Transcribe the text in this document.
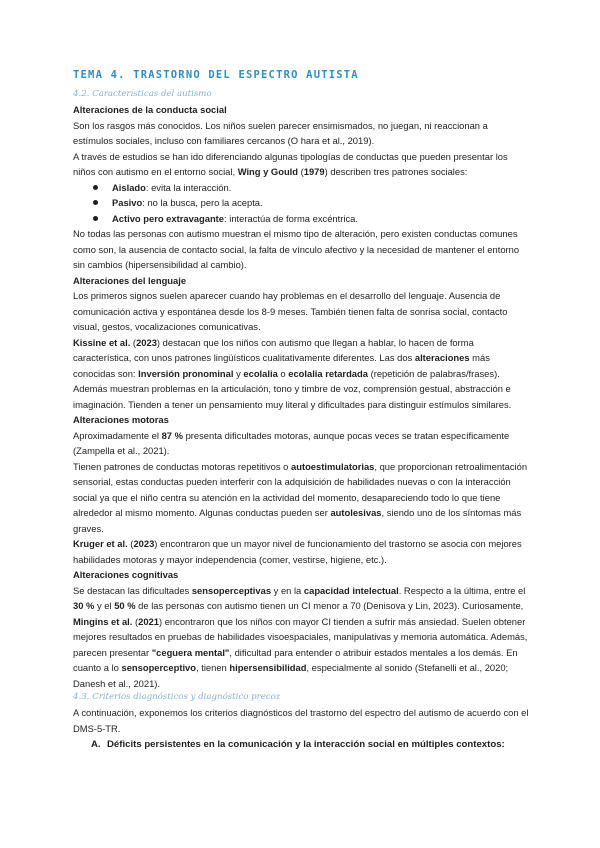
TEMA 4. TRASTORNO DEL ESPECTRO AUTISTA
4.2. Características del autismo
Alteraciones de la conducta social

Son los rasgos más conocidos. Los niños suelen parecer ensimismados, no juegan, ni reaccionan a estímulos sociales, incluso con familiares cercanos (O hara et al., 2019).

A través de estudios se han ido diferenciando algunas tipologías de conductas que pueden presentar los niños con autismo en el entorno social, Wing y Gould (1979) describen tres patrones sociales:

Aislado: evita la interacción.
Pasivo: no la busca, pero la acepta.
Activo pero extravagante: interactúa de forma excéntrica.

No todas las personas con autismo muestran el mismo tipo de alteración, pero existen conductas comunes como son, la ausencia de contacto social, la falta de vínculo afectivo y la necesidad de mantener el entorno sin cambios (hipersensibilidad al cambio).

Alteraciones del lenguaje

Los primeros signos suelen aparecer cuando hay problemas en el desarrollo del lenguaje. Ausencia de comunicación activa y espontánea desde los 8-9 meses. También tienen falta de sonrisa social, contacto visual, gestos, vocalizaciones comunicativas.

Kissine et al. (2023) destacan que los niños con autismo que llegan a hablar, lo hacen de forma característica, con unos patrones lingüísticos cualitativamente diferentes. Las dos alteraciones más conocidas son: Inversión pronominal y ecolalia o ecolalia retardada (repetición de palabras/frases).

Además muestran problemas en la articulación, tono y timbre de voz, comprensión gestual, abstracción e imaginación. Tienden a tener un pensamiento muy literal y dificultades para distinguir estímulos similares.

Alteraciones motoras

Aproximadamente el 87 % presenta dificultades motoras, aunque pocas veces se tratan específicamente (Zampella et al., 2021).

Tienen patrones de conductas motoras repetitivos o autoestimulatorias, que proporcionan retroalimentación sensorial, estas conductas pueden interferir con la adquisición de habilidades nuevas o con la interacción social ya que el niño centra su atención en la actividad del momento, desapareciendo todo lo que tiene alrededor al mismo momento. Algunas conductas pueden ser autolesivas, siendo uno de los síntomas más graves.

Kruger et al. (2023) encontraron que un mayor nivel de funcionamiento del trastorno se asocia con mejores habilidades motoras y mayor independencia (comer, vestirse, higiene, etc.).

Alteraciones cognitivas

Se destacan las dificultades sensoperceptivas y en la capacidad intelectual. Respecto a la última, entre el 30 % y el 50 % de las personas con autismo tienen un CI menor a 70 (Denisova y Lin, 2023). Curiosamente, Mingins et al. (2021) encontraron que los niños con mayor CI tienden a sufrir más ansiedad. Suelen obtener mejores resultados en pruebas de habilidades visoespaciales, manipulativas y memoria automática. Además, parecen presentar "ceguera mental", dificultad para entender o atribuir estados mentales a los demás. En cuanto a lo sensoperceptivo, tienen hipersensibilidad, especialmente al sonido (Stefanelli et al., 2020; Danesh et al., 2021).

4.3. Criterios diagnósticos y diagnóstico precoz

A continuación, exponemos los criterios diagnósticos del trastorno del espectro del autismo de acuerdo con el DMS-5-TR.

A. Déficits persistentes en la comunicación y la interacción social en múltiples contextos:
